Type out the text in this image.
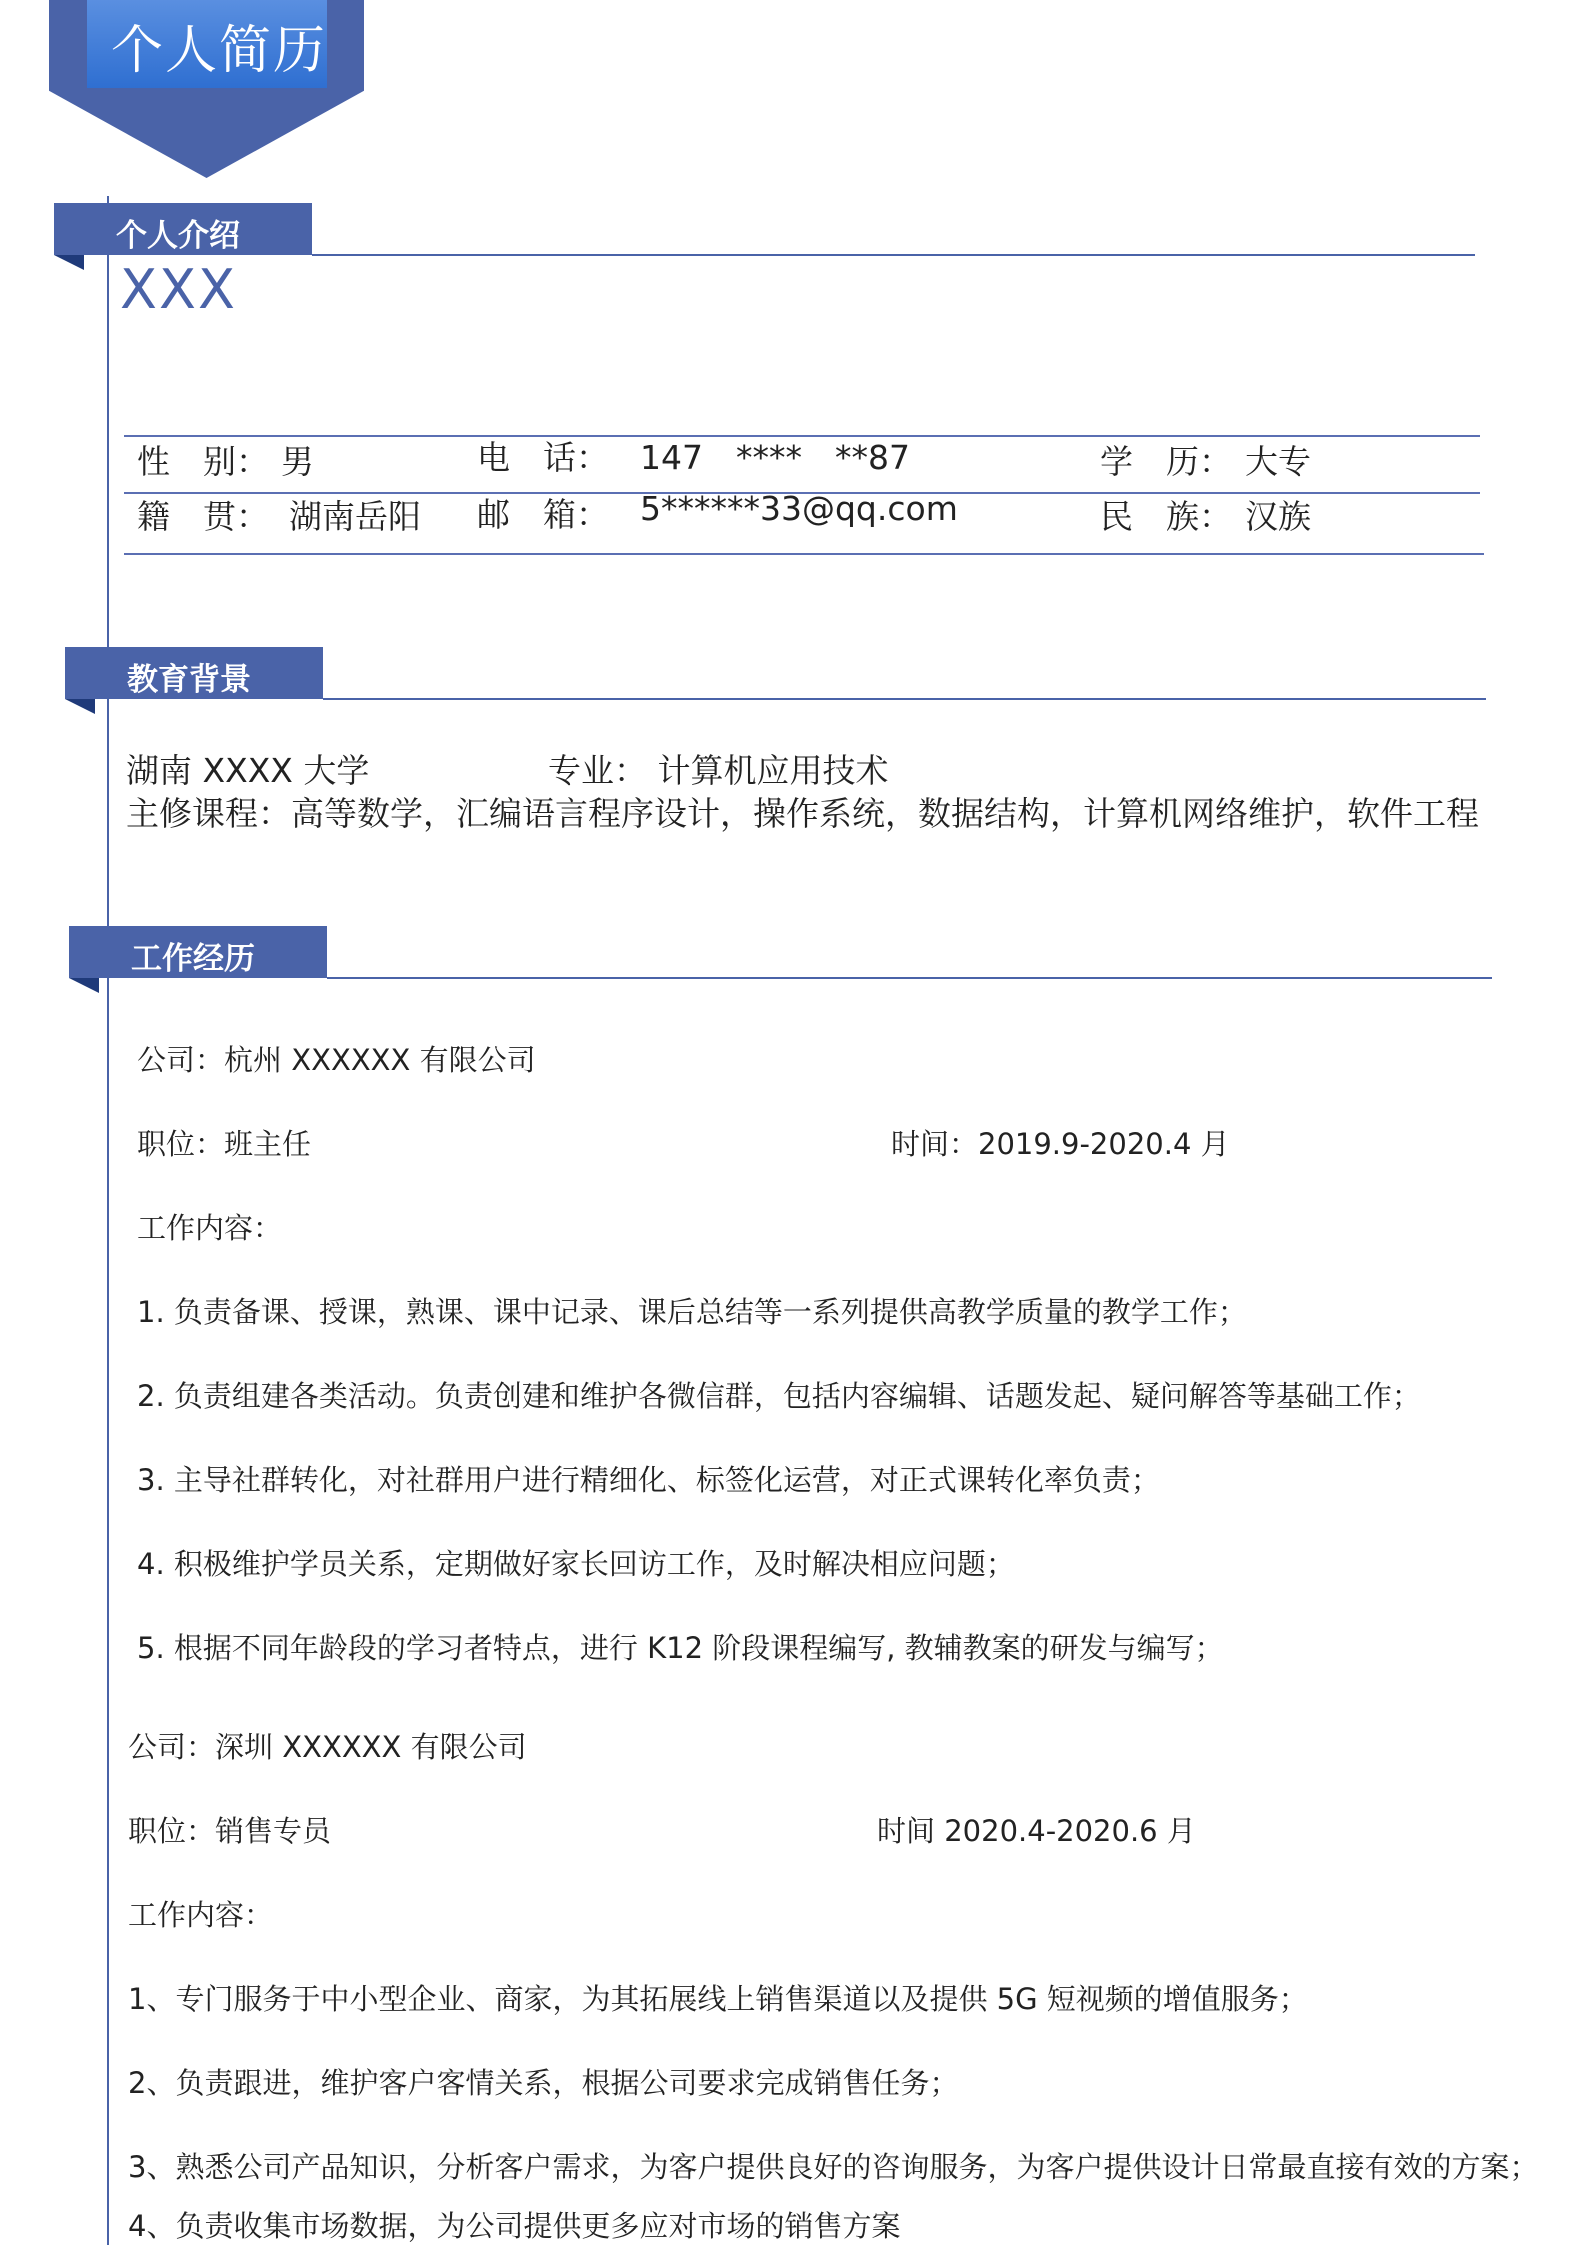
个人简历
个人介绍
XXX
性　别： 男	电　话： 147　****　**87	学　历： 大专
籍　贯： 湖南岳阳 邮　箱： 5******33@qq.com	民　族： 汉族
教育背景
湖南 XXXX 大学	专业： 计算机应用技术
主修课程：高等数学，汇编语言程序设计，操作系统，数据结构，计算机网络维护，软件工程
工作经历
公司：杭州 XXXXXX 有限公司
职位：班主任	时间：2019.9-2020.4 月
工作内容：
1. 负责备课、授课，熟课、课中记录、课后总结等一系列提供高教学质量的教学工作；
2. 负责组建各类活动。负责创建和维护各微信群，包括内容编辑、话题发起、疑问解答等基础工作；
3. 主导社群转化，对社群用户进行精细化、标签化运营，对正式课转化率负责；
4. 积极维护学员关系，定期做好家长回访工作，及时解决相应问题；
5. 根据不同年龄段的学习者特点，进行 K12 阶段课程编写, 教辅教案的研发与编写；
公司：深圳 XXXXXX 有限公司
职位：销售专员	时间 2020.4-2020.6 月
工作内容：
1、专门服务于中小型企业、商家，为其拓展线上销售渠道以及提供 5G 短视频的增值服务；
2、负责跟进，维护客户客情关系，根据公司要求完成销售任务；
3、熟悉公司产品知识，分析客户需求，为客户提供良好的咨询服务，为客户提供设计日常最直接有效的方案；
4、负责收集市场数据，为公司提供更多应对市场的销售方案
